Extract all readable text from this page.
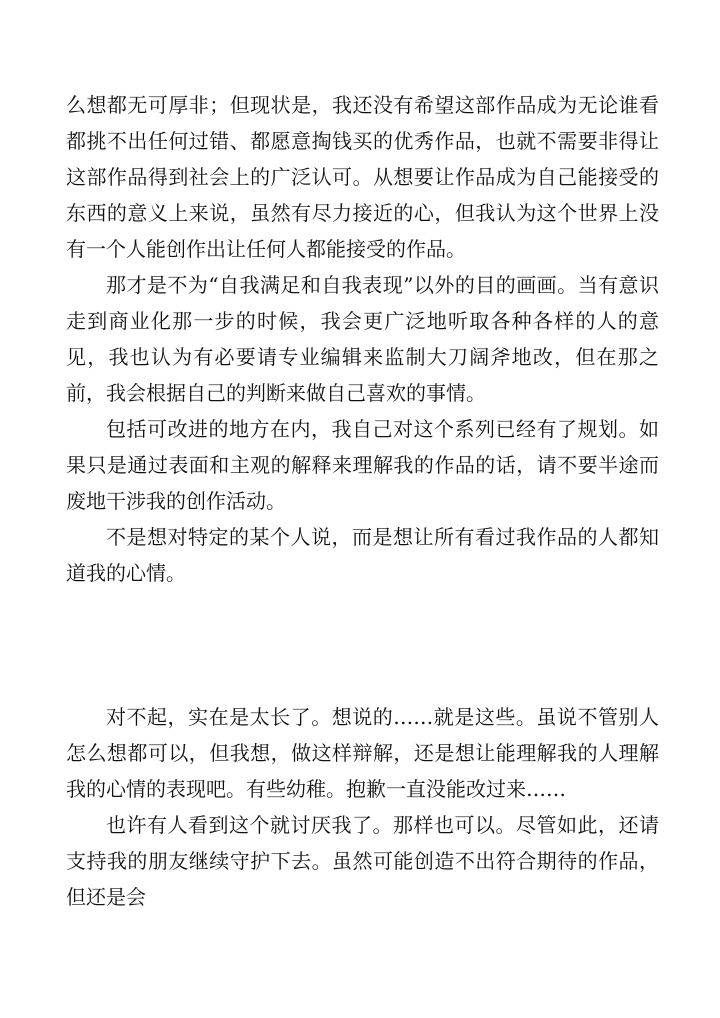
么想都无可厚非；但现状是，我还没有希望这部作品成为无论谁看都挑不出任何过错、都愿意掏钱买的优秀作品，也就不需要非得让这部作品得到社会上的广泛认可。从想要让作品成为自己能接受的东西的意义上来说，虽然有尽力接近的心，但我认为这个世界上没有一个人能创作出让任何人都能接受的作品。

那才是不为“自我满足和自我表现”以外的目的画画。当有意识走到商业化那一步的时候，我会更广泛地听取各种各样的人的意见，我也认为有必要请专业编辑来监制大刀阔斧地改，但在那之前，我会根据自己的判断来做自己喜欢的事情。

包括可改进的地方在内，我自己对这个系列已经有了规划。如果只是通过表面和主观的解释来理解我的作品的话，请不要半途而废地干涉我的创作活动。

不是想对特定的某个人说，而是想让所有看过我作品的人都知道我的心情。

对不起，实在是太长了。想说的……就是这些。虽说不管别人怎么想都可以，但我想，做这样辩解，还是想让能理解我的人理解我的心情的表现吧。有些幼稚。抱歉一直没能改过来……

也许有人看到这个就讨厌我了。那样也可以。尽管如此，还请支持我的朋友继续守护下去。虽然可能创造不出符合期待的作品，但还是会
